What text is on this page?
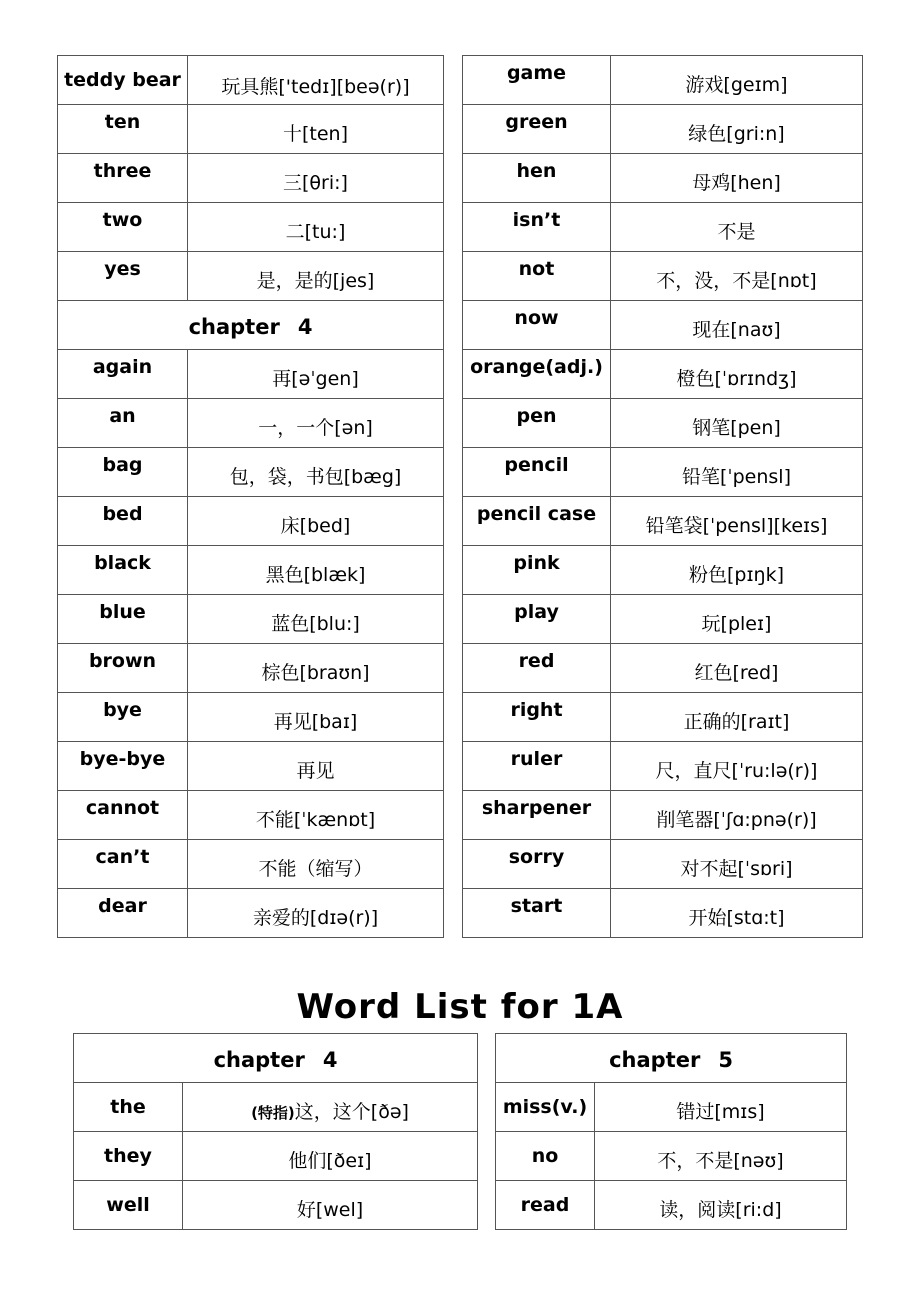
teddy bear	玩具熊['tedɪ][beə(r)]		game	游戏[geɪm]
ten	十[ten]		green	绿色[gri:n]
three	三[θri:]		hen	母鸡[hen]
two	二[tu:]		isn’t	不是
yes	是，是的[jes]		not	不，没，不是[nɒt]
chapter 4			now	现在[naʊ]
again	再[əˈgen]		orange(adj.)	橙色[ˈɒrɪndʒ]
an	一，一个[ən]		pen	钢笔[pen]
bag	包，袋，书包[bæg]		pencil	铅笔[ˈpensl]
bed	床[bed]		pencil case	铅笔袋[ˈpensl][keɪs]
black	黑色[blæk]		pink	粉色[pɪŋk]
blue	蓝色[blu:]		play	玩[pleɪ]
brown	棕色[braʊn]		red	红色[red]
bye	再见[baɪ]		right	正确的[raɪt]
bye-bye	再见		ruler	尺，直尺[ˈru:lə(r)]
cannot	不能[ˈkænɒt]		sharpener	削笔器[ˈʃɑ:pnə(r)]
can’t	不能（缩写）		sorry	对不起[ˈsɒri]
dear	亲爱的[dɪə(r)]		start	开始[stɑ:t]
Word List for 1A
chapter 4			chapter 5	
the	(特指)这，这个[ðə]		miss(v.)	错过[mɪs]
they	他们[ðeɪ]		no	不，不是[nəʊ]
well	好[wel]		read	读，阅读[ri:d]
